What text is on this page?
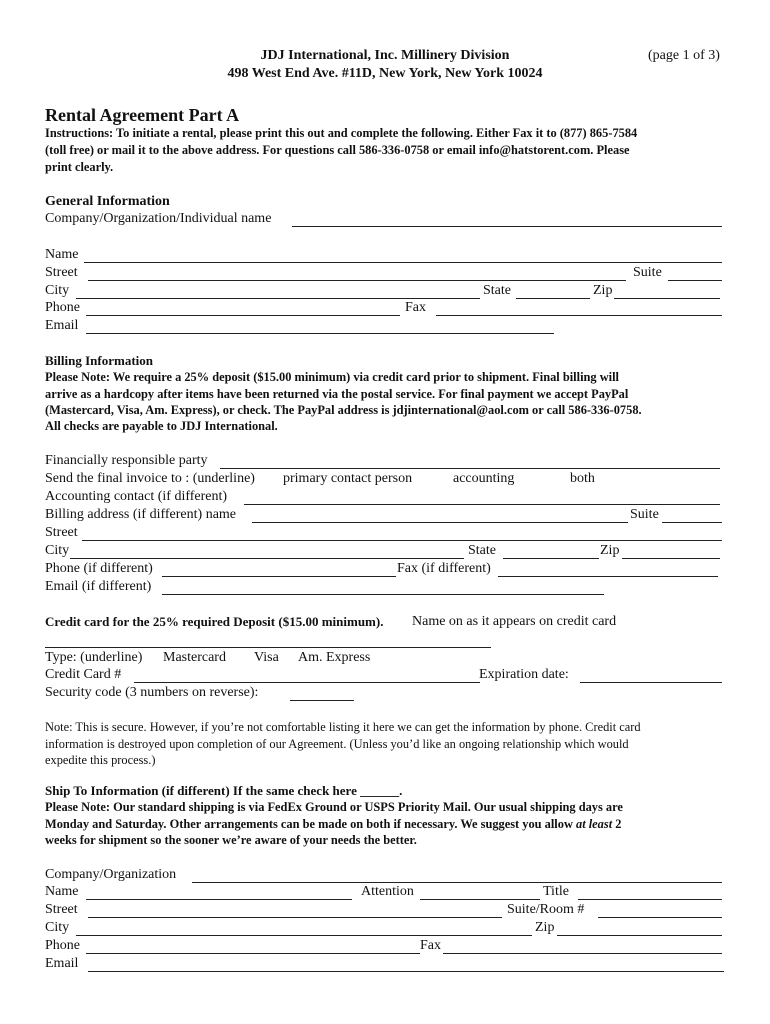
JDJ International, Inc. Millinery Division
498 West End Ave. #11D, New York, New York 10024
(page 1 of 3)
Rental Agreement Part A
Instructions: To initiate a rental, please print this out and complete the following. Either Fax it to (877) 865-7584
(toll free) or mail it to the above address. For questions call 586-336-0758 or email info@hatstorent.com. Please
print clearly.
General Information
Company/Organization/Individual name
Name
Street	Suite
City	State	Zip
Phone	Fax
Email
Billing Information
Please Note: We require a 25% deposit ($15.00 minimum) via credit card prior to shipment. Final billing will
arrive as a hardcopy after items have been returned via the postal service. For final payment we accept PayPal
(Mastercard, Visa, Am. Express), or check. The PayPal address is jdjinternational@aol.com or call 586-336-0758.
All checks are payable to JDJ International.
Financially responsible party
Send the final invoice to : (underline) primary contact person	accounting	both
Accounting contact (if different)
Billing address (if different) name	Suite
Street
City	State	Zip
Phone (if different)	Fax (if different)
Email (if different)
Credit card for the 25% required Deposit ($15.00 minimum). Name on as it appears on credit card
Type: (underline) Mastercard Visa Am. Express
Credit Card #	Expiration date:
Security code (3 numbers on reverse):
Note: This is secure. However, if you’re not comfortable listing it here we can get the information by phone. Credit card
information is destroyed upon completion of our Agreement. (Unless you’d like an ongoing relationship which would
expedite this process.)
Ship To Information (if different) If the same check here ______.
Please Note: Our standard shipping is via FedEx Ground or USPS Priority Mail. Our usual shipping days are
Monday and Saturday. Other arrangements can be made on both if necessary. We suggest you allow at least 2
weeks for shipment so the sooner we’re aware of your needs the better.
Company/Organization
Name	Attention	Title
Street	Suite/Room #
City	Zip
Phone	Fax
Email
